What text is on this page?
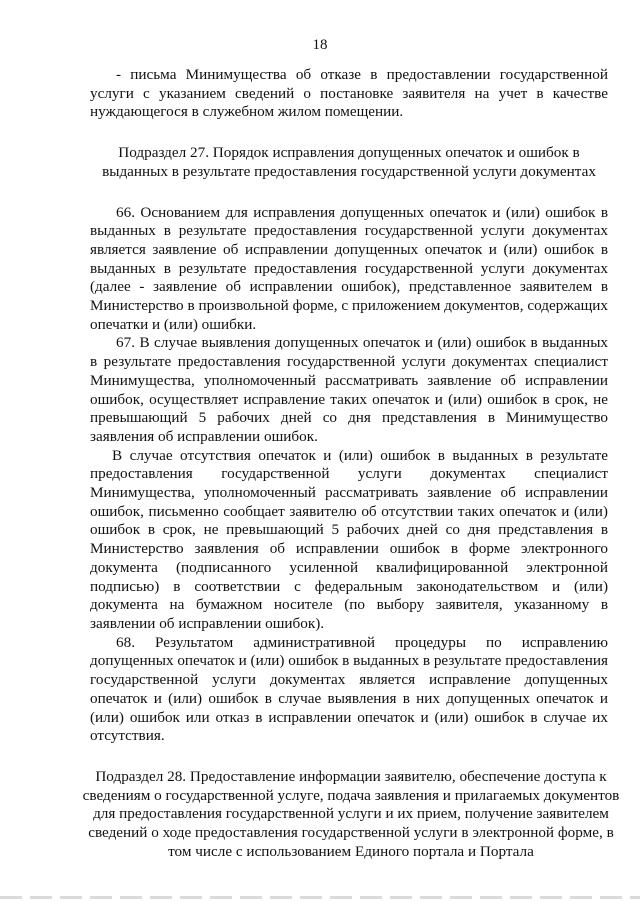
18

- письма Минимущества об отказе в предоставлении государственной услуги с указанием сведений о постановке заявителя на учет в качестве нуждающегося в служебном жилом помещении.

Подраздел 27. Порядок исправления допущенных опечаток и ошибок в выданных в результате предоставления государственной услуги документах

66. Основанием для исправления допущенных опечаток и (или) ошибок в выданных в результате предоставления государственной услуги документах является заявление об исправлении допущенных опечаток и (или) ошибок в выданных в результате предоставления государственной услуги документах (далее - заявление об исправлении ошибок), представленное заявителем в Министерство в произвольной форме, с приложением документов, содержащих опечатки и (или) ошибки.

67. В случае выявления допущенных опечаток и (или) ошибок в выданных в результате предоставления государственной услуги документах специалист Минимущества, уполномоченный рассматривать заявление об исправлении ошибок, осуществляет исправление таких опечаток и (или) ошибок в срок, не превышающий 5 рабочих дней со дня представления в Минимущество заявления об исправлении ошибок.

В случае отсутствия опечаток и (или) ошибок в выданных в результате предоставления государственной услуги документах специалист Минимущества, уполномоченный рассматривать заявление об исправлении ошибок, письменно сообщает заявителю об отсутствии таких опечаток и (или) ошибок в срок, не превышающий 5 рабочих дней со дня представления в Министерство заявления об исправлении ошибок в форме электронного документа (подписанного усиленной квалифицированной электронной подписью) в соответствии с федеральным законодательством и (или) документа на бумажном носителе (по выбору заявителя, указанному в заявлении об исправлении ошибок).

68. Результатом административной процедуры по исправлению допущенных опечаток и (или) ошибок в выданных в результате предоставления государственной услуги документах является исправление допущенных опечаток и (или) ошибок в случае выявления в них допущенных опечаток и (или) ошибок или отказ в исправлении опечаток и (или) ошибок в случае их отсутствия.

Подраздел 28. Предоставление информации заявителю, обеспечение доступа к сведениям о государственной услуге, подача заявления и прилагаемых документов для предоставления государственной услуги и их прием, получение заявителем сведений о ходе предоставления государственной услуги в электронной форме, в том числе с использованием Единого портала и Портала
